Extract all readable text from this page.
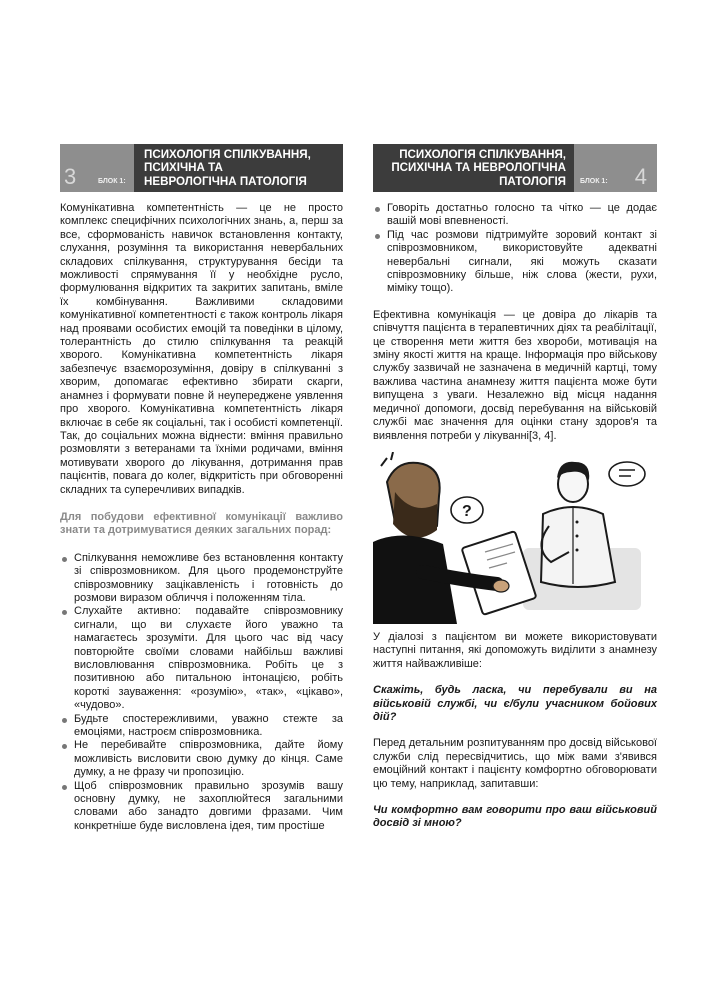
3	БЛОК 1:
ПСИХОЛОГІЯ СПІЛКУВАННЯ, ПСИХІЧНА ТА НЕВРОЛОГІЧНА ПАТОЛОГІЯ
ПСИХОЛОГІЯ СПІЛКУВАННЯ, ПСИХІЧНА ТА НЕВРОЛОГІЧНА ПАТОЛОГІЯ БЛОК 1: 4

Комунікативна компетентність — це не просто комплекс специфічних психологічних знань, а, перш за все, сформованість навичок встановлення контакту, слухання, розуміння та використання невербальних складових спілкування, структурування бесіди та можливості спрямування її у необхідне русло, формулювання відкритих та закритих запитань, вміле їх комбінування. Важливими складовими комунікативної компетентності є також контроль лікаря над проявами особистих емоцій та поведінки в цілому, толерантність до стилю спілкування та реакцій хворого. Комунікативна компетентність лікаря забезпечує взаєморозуміння, довіру в спілкуванні з хворим, допомагає ефективно збирати скарги, анамнез і формувати повне й неупереджене уявлення про хворого. Комунікативна компетентність лікаря включає в себе як соціальні, так і особисті компетенції. Так, до соціальних можна віднести: вміння правильно розмовляти з ветеранами та їхніми родичами, вміння мотивувати хворого до лікування, дотримання прав пацієнтів, повага до колег, відкритість при обговоренні складних та суперечливих випадків.

Для побудови ефективної комунікації важливо знати та дотримуватися деяких загальних порад:

Спілкування неможливе без встановлення контакту зі співрозмовником. Для цього продемонструйте співрозмовнику зацікавленість і готовність до розмови виразом обличчя і положенням тіла.
Слухайте активно: подавайте співрозмовнику сигнали, що ви слухаєте його уважно та намагаєтесь зрозуміти. Для цього час від часу повторюйте своїми словами найбільш важливі висловлювання співрозмовника. Робіть це з позитивною або питальною інтонацією, робіть короткі зауваження: «розумію», «так», «цікаво», «чудово».
Будьте спостережливими, уважно стежте за емоціями, настроєм співрозмовника.
Не перебивайте співрозмовника, дайте йому можливість висловити свою думку до кінця. Саме думку, а не фразу чи пропозицію.
Щоб співрозмовник правильно зрозумів вашу основну думку, не захоплюйтеся загальними словами або занадто довгими фразами. Чим конкретніше буде висловлена ідея, тим простіше
Говоріть достатньо голосно та чітко — це додає вашій мові впевненості.
Під час розмови підтримуйте зоровий контакт зі співрозмовником, використовуйте адекватні невербальні сигнали, які можуть сказати співрозмовнику більше, ніж слова (жести, рухи, міміку тощо).

Ефективна комунікація — це довіра до лікарів та співчуття пацієнта в терапевтичних діях та реабілітації, це створення мети життя без хвороби, мотивація на зміну якості життя на краще. Інформація про військову службу зазвичай не зазначена в медичній картці, тому важлива частина анамнезу життя пацієнта може бути випущена з уваги. Незалежно від місця надання медичної допомоги, досвід перебування на військовій службі має значення для оцінки стану здоров'я та виявлення потреби у лікуванні[3, 4].

?

У діалозі з пацієнтом ви можете використовувати наступні питання, які допоможуть виділити з анамнезу життя найважливіше:

Скажіть, будь ласка, чи перебували ви на військовій службі, чи є/були учасником бойових дій?

Перед детальним розпитуванням про досвід військової служби слід пересвідчитись, що між вами з'явився емоційний контакт і пацієнту комфортно обговорювати цю тему, наприклад, запитавши:

Чи комфортно вам говорити про ваш військовий досвід зі мною?
